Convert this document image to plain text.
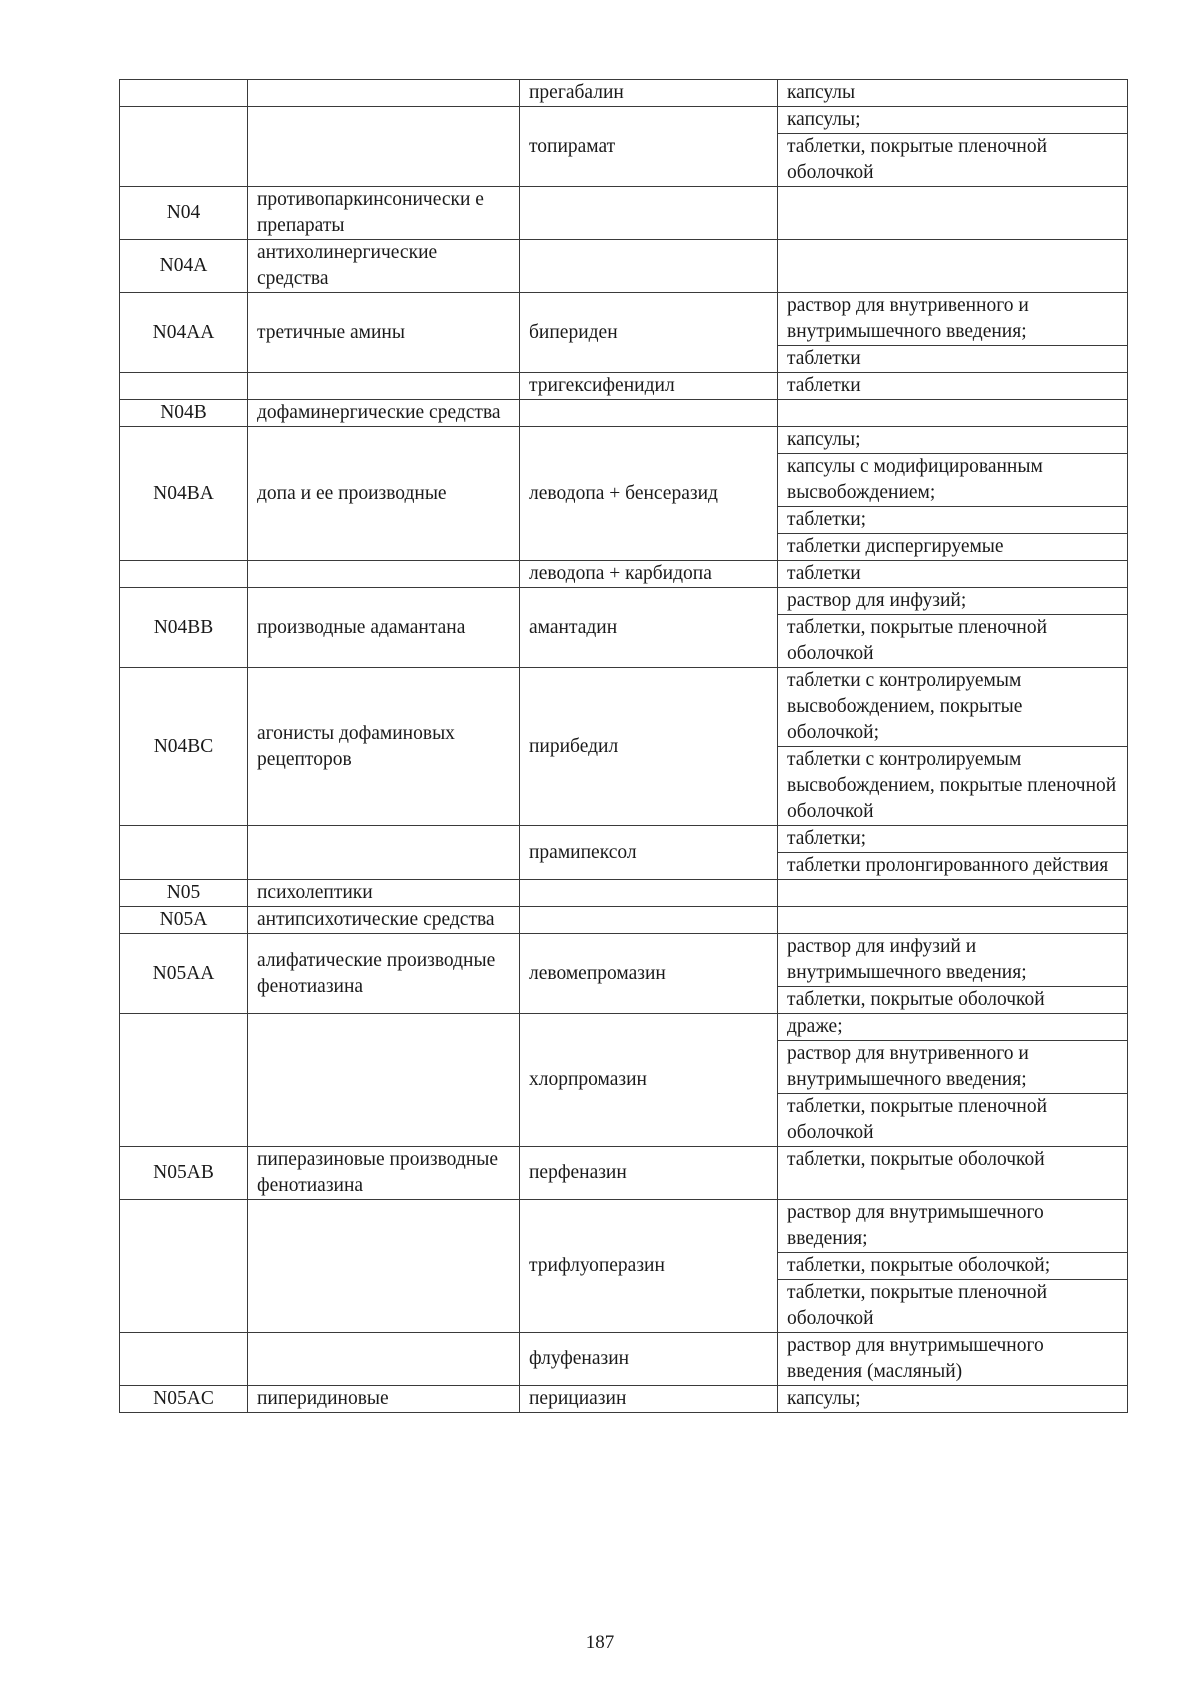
		прегабалин	капсулы

		топирамат	капсулы;
таблетки, покрытые пленочной оболочкой

N04	противопаркинсонически е препараты		

N04A	антихолинергические средства		

N04AA	третичные амины	бипериден	раствор для внутривенного и внутримышечного введения;
таблетки

		тригексифенидил	таблетки

N04B	дофаминергические средства		

N04BA	допа и ее производные	леводопа + бенсеразид	капсулы;
капсулы с модифицированным высвобождением;
таблетки;
таблетки диспергируемые

		леводопа + карбидопа	таблетки

N04BB	производные адамантана	амантадин	раствор для инфузий;
таблетки, покрытые пленочной оболочкой

N04BC	агонисты дофаминовых рецепторов	пирибедил	таблетки с контролируемым высвобождением, покрытые оболочкой;
таблетки с контролируемым высвобождением, покрытые пленочной оболочкой

		прамипексол	таблетки;
таблетки пролонгированного действия

N05	психолептики		

N05A	антипсихотические средства		

N05AA	алифатические производные фенотиазина	левомепромазин	раствор для инфузий и внутримышечного введения;
таблетки, покрытые оболочкой

		хлорпромазин	драже;
раствор для внутривенного и внутримышечного введения;
таблетки, покрытые пленочной оболочкой

N05AB	пиперазиновые производные фенотиазина	перфеназин	таблетки, покрытые оболочкой

		трифлуоперазин	раствор для внутримышечного введения;
таблетки, покрытые оболочкой;
таблетки, покрытые пленочной оболочкой

		флуфеназин	раствор для внутримышечного введения (масляный)

N05AC	пиперидиновые	перициазин	капсулы;
187
